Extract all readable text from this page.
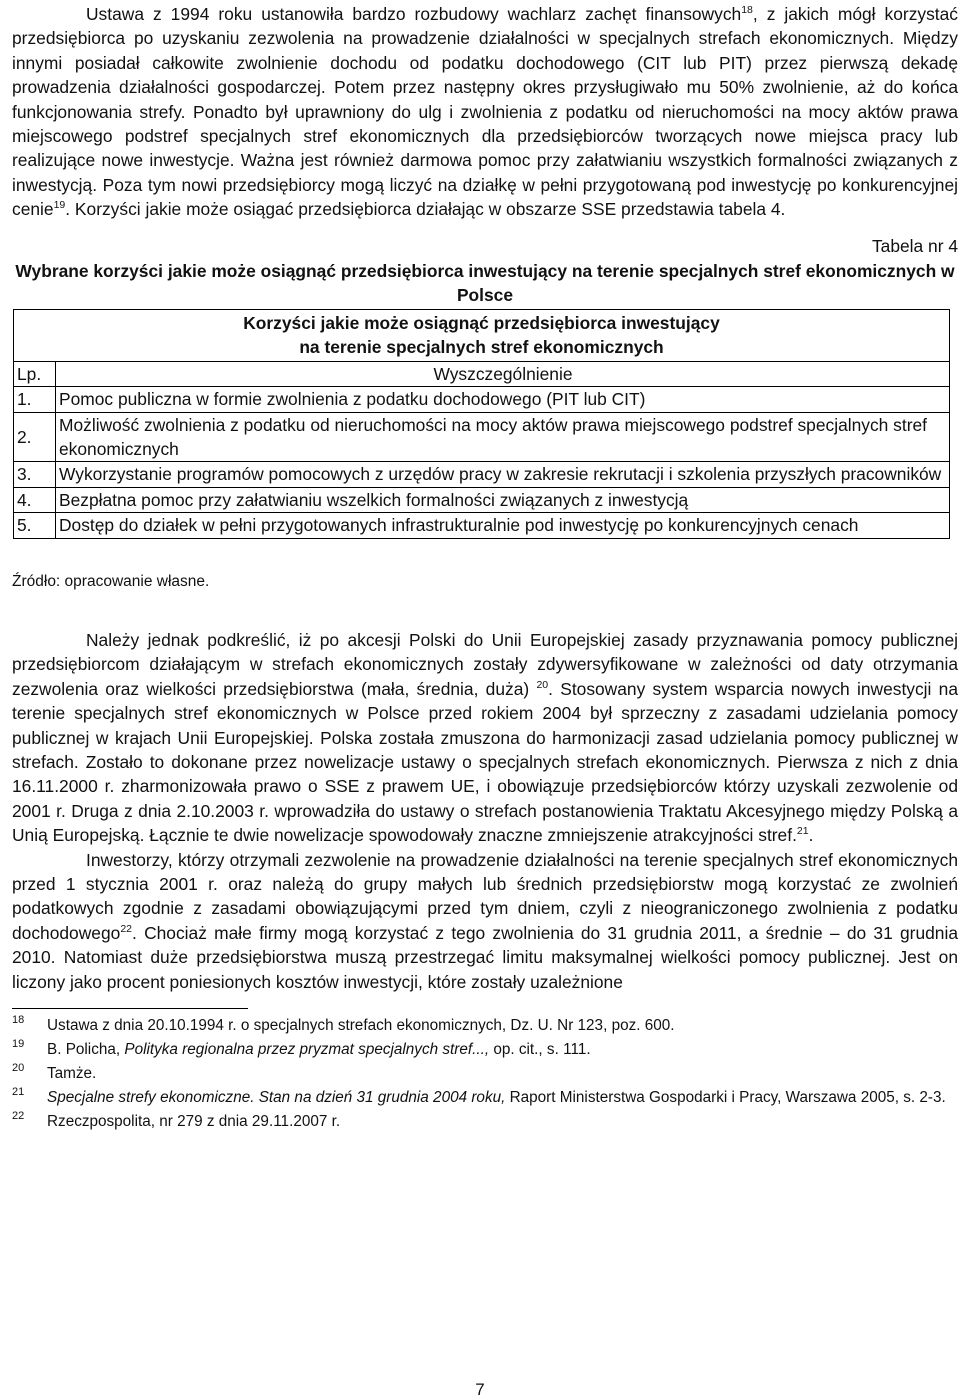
Ustawa z 1994 roku ustanowiła bardzo rozbudowy wachlarz zachęt finansowych$^{18}$, z jakich mógł korzystać przedsiębiorca po uzyskaniu zezwolenia na prowadzenie działalności w specjalnych strefach ekonomicznych. Między innymi posiadał całkowite zwolnienie dochodu od podatku dochodowego (CIT lub PIT) przez pierwszą dekadę prowadzenia działalności gospodarczej. Potem przez następny okres przysługiwało mu 50% zwolnienie, aż do końca funkcjonowania strefy. Ponadto był uprawniony do ulg i zwolnienia z podatku od nieruchomości na mocy aktów prawa miejscowego podstref specjalnych stref ekonomicznych dla przedsiębiorców tworzących nowe miejsca pracy lub realizujące nowe inwestycje. Ważna jest również darmowa pomoc przy załatwianiu wszystkich formalności związanych z inwestycją. Poza tym nowi przedsiębiorcy mogą liczyć na działkę w pełni przygotowaną pod inwestycję po konkurencyjnej cenie$^{19}$. Korzyści jakie może osiągać przedsiębiorca działając w obszarze SSE przedstawia tabela 4.

Tabela nr 4
Wybrane korzyści jakie może osiągnąć przedsiębiorca inwestujący na terenie specjalnych stref ekonomicznych w Polsce
Korzyści jakie może osiągnąć przedsiębiorca inwestujący
na terenie specjalnych stref ekonomicznych	

Lp.	Wyszczególnienie
1.	Pomoc publiczna w formie zwolnienia z podatku dochodowego (PIT lub CIT)
2.	Możliwość zwolnienia z podatku od nieruchomości na mocy aktów prawa miejscowego podstref specjalnych stref ekonomicznych
3.	Wykorzystanie programów pomocowych z urzędów pracy w zakresie rekrutacji i szkolenia przyszłych pracowników
4.	Bezpłatna pomoc przy załatwianiu wszelkich formalności związanych z inwestycją
5.	Dostęp do działek w pełni przygotowanych infrastrukturalnie pod inwestycję po konkurencyjnych cenach
Źródło: opracowanie własne.

Należy jednak podkreślić, iż po akcesji Polski do Unii Europejskiej zasady przyznawania pomocy publicznej przedsiębiorcom działającym w strefach ekonomicznych zostały zdywersyfikowane w zależności od daty otrzymania zezwolenia oraz wielkości przedsiębiorstwa (mała, średnia, duża) $^{20}$. Stosowany system wsparcia nowych inwestycji na terenie specjalnych stref ekonomicznych w Polsce przed rokiem 2004 był sprzeczny z zasadami udzielania pomocy publicznej w krajach Unii Europejskiej. Polska została zmuszona do harmonizacji zasad udzielania pomocy publicznej w strefach. Zostało to dokonane przez nowelizacje ustawy o specjalnych strefach ekonomicznych. Pierwsza z nich z dnia 16.11.2000 r. zharmonizowała prawo o SSE z prawem UE, i obowiązuje przedsiębiorców którzy uzyskali zezwolenie od 2001 r. Druga z dnia 2.10.2003 r. wprowadziła do ustawy o strefach postanowienia Traktatu Akcesyjnego między Polską a Unią Europejską. Łącznie te dwie nowelizacje spowodowały znaczne zmniejszenie atrakcyjności stref.$^{21}$.

Inwestorzy, którzy otrzymali zezwolenie na prowadzenie działalności na terenie specjalnych stref ekonomicznych przed 1 stycznia 2001 r. oraz należą do grupy małych lub średnich przedsiębiorstw mogą korzystać ze zwolnień podatkowych zgodnie z zasadami obowiązującymi przed tym dniem, czyli z nieograniczonego zwolnienia z podatku dochodowego$^{22}$. Chociaż małe firmy mogą korzystać z tego zwolnienia do 31 grudnia 2011, a średnie – do 31 grudnia 2010. Natomiast duże przedsiębiorstwa muszą przestrzegać limitu maksymalnej wielkości pomocy publicznej. Jest on liczony jako procent poniesionych kosztów inwestycji, które zostały uzależnione

18 Ustawa z dnia 20.10.1994 r. o specjalnych strefach ekonomicznych, Dz. U. Nr 123, poz. 600.
19 B. Policha, Polityka regionalna przez pryzmat specjalnych stref..., op. cit., s. 111.
20 Tamże.
21 Specjalne strefy ekonomiczne. Stan na dzień 31 grudnia 2004 roku, Raport Ministerstwa Gospodarki i Pracy, Warszawa 2005, s. 2-3.
22 Rzeczpospolita, nr 279 z dnia 29.11.2007 r.
7
